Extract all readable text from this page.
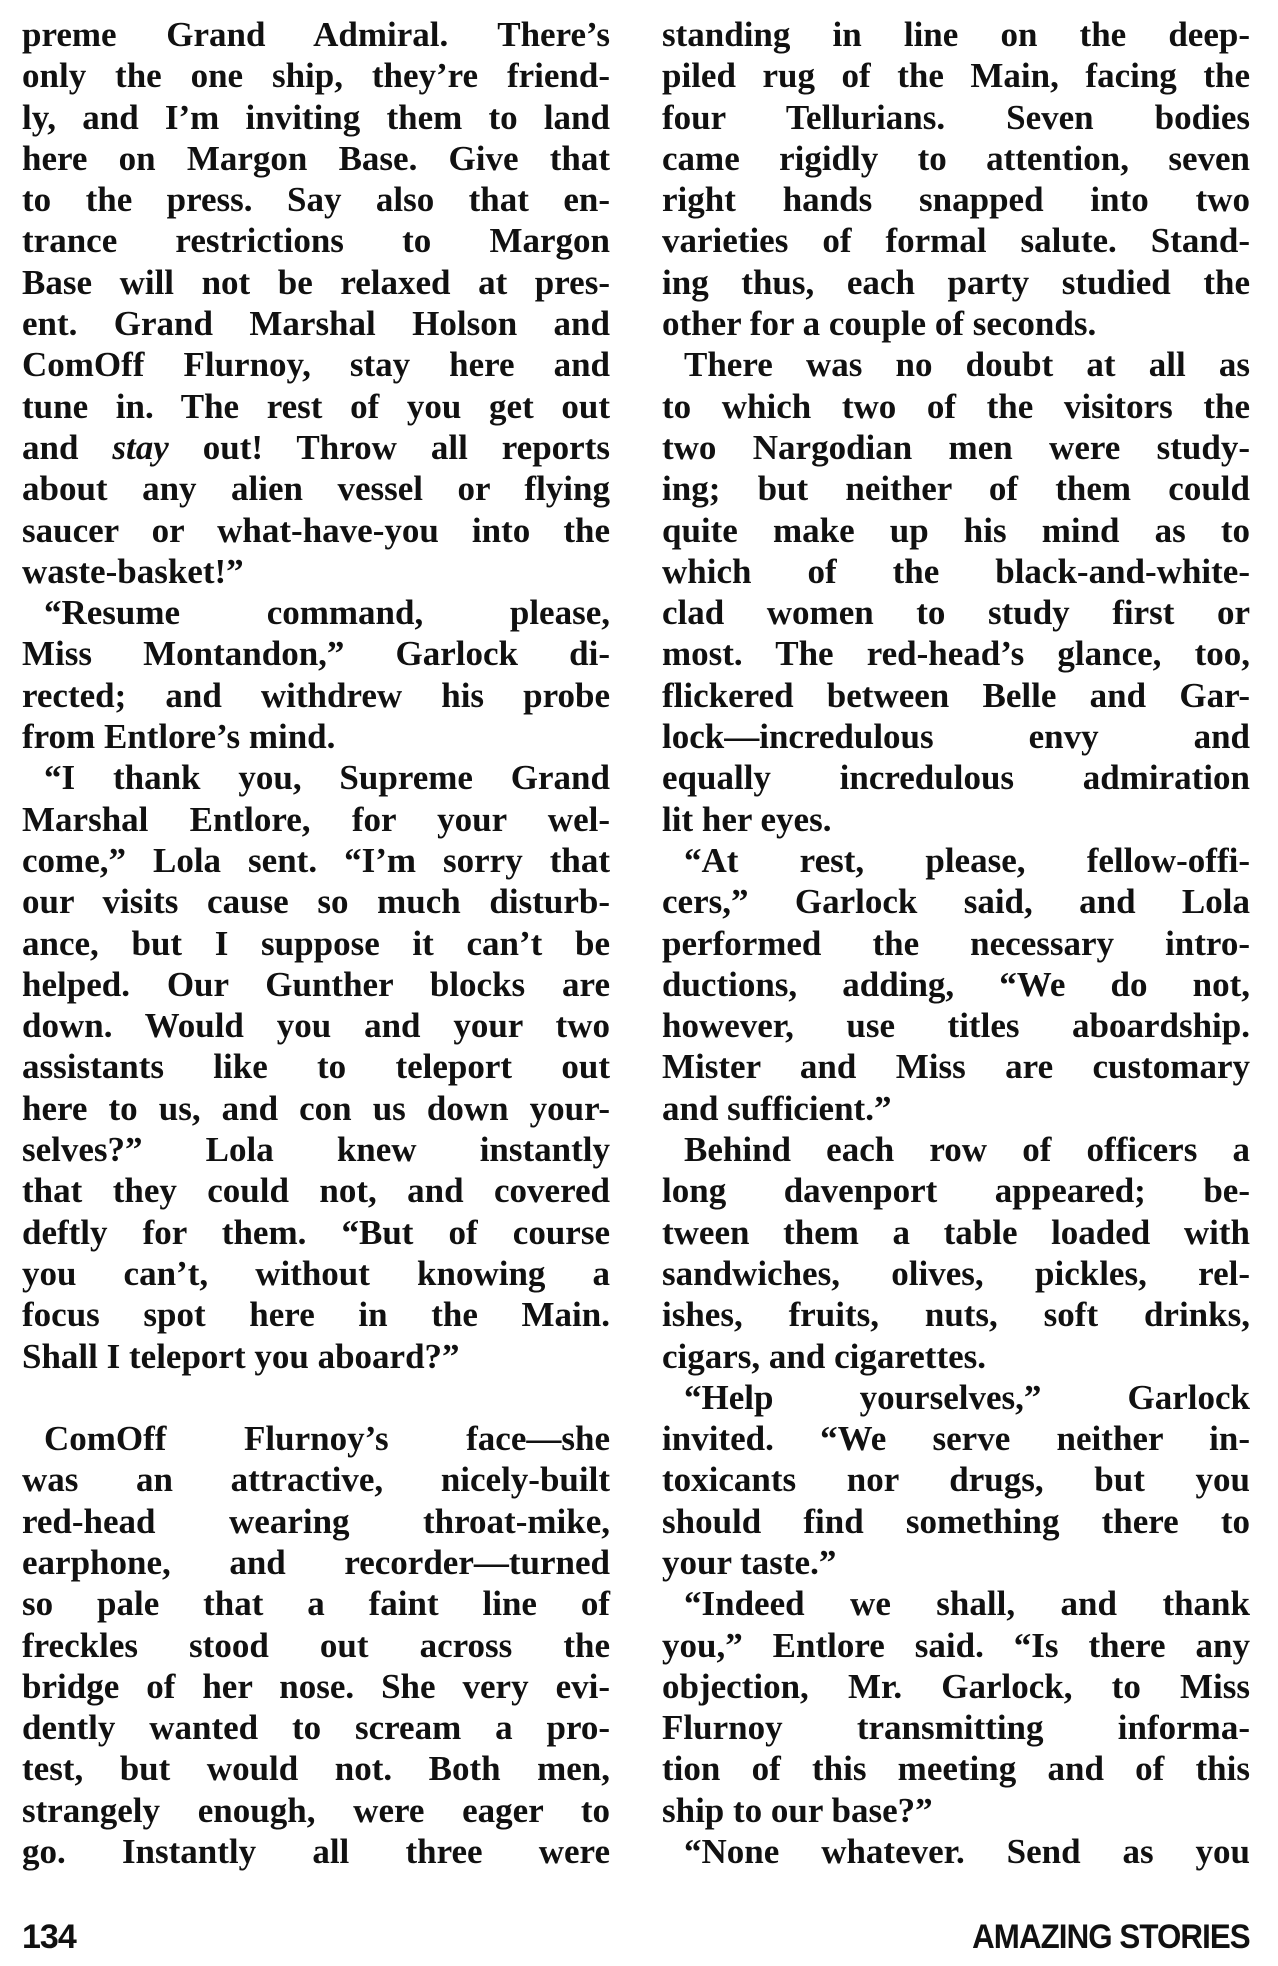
preme Grand Admiral. There’s
only the one ship, they’re friend-
ly, and I’m inviting them to land
here on Margon Base. Give that
to the press. Say also that en-
trance restrictions to Margon
Base will not be relaxed at pres-
ent. Grand Marshal Holson and
ComOff Flurnoy, stay here and
tune in. The rest of you get out
and stay out! Throw all reports
about any alien vessel or flying
saucer or what-have-you into the
waste-basket!”
“Resume command, please,
Miss Montandon,” Garlock di-
rected; and withdrew his probe
from Entlore’s mind.
“I thank you, Supreme Grand
Marshal Entlore, for your wel-
come,” Lola sent. “I’m sorry that
our visits cause so much disturb-
ance, but I suppose it can’t be
helped. Our Gunther blocks are
down. Would you and your two
assistants like to teleport out
here to us, and con us down your-
selves?” Lola knew instantly
that they could not, and covered
deftly for them. “But of course
you can’t, without knowing a
focus spot here in the Main.
Shall I teleport you aboard?”
ComOff Flurnoy’s face—she
was an attractive, nicely-built
red-head wearing throat-mike,
earphone, and recorder—turned
so pale that a faint line of
freckles stood out across the
bridge of her nose. She very evi-
dently wanted to scream a pro-
test, but would not. Both men,
strangely enough, were eager to
go. Instantly all three were
standing in line on the deep-
piled rug of the Main, facing the
four Tellurians. Seven bodies
came rigidly to attention, seven
right hands snapped into two
varieties of formal salute. Stand-
ing thus, each party studied the
other for a couple of seconds.
There was no doubt at all as
to which two of the visitors the
two Nargodian men were study-
ing; but neither of them could
quite make up his mind as to
which of the black-and-white-
clad women to study first or
most. The red-head’s glance, too,
flickered between Belle and Gar-
lock—incredulous envy and
equally incredulous admiration
lit her eyes.
“At rest, please, fellow-offi-
cers,” Garlock said, and Lola
performed the necessary intro-
ductions, adding, “We do not,
however, use titles aboardship.
Mister and Miss are customary
and sufficient.”
Behind each row of officers a
long davenport appeared; be-
tween them a table loaded with
sandwiches, olives, pickles, rel-
ishes, fruits, nuts, soft drinks,
cigars, and cigarettes.
“Help yourselves,” Garlock
invited. “We serve neither in-
toxicants nor drugs, but you
should find something there to
your taste.”
“Indeed we shall, and thank
you,” Entlore said. “Is there any
objection, Mr. Garlock, to Miss
Flurnoy transmitting informa-
tion of this meeting and of this
ship to our base?”
“None whatever. Send as you
134	AMAZING STORIES
